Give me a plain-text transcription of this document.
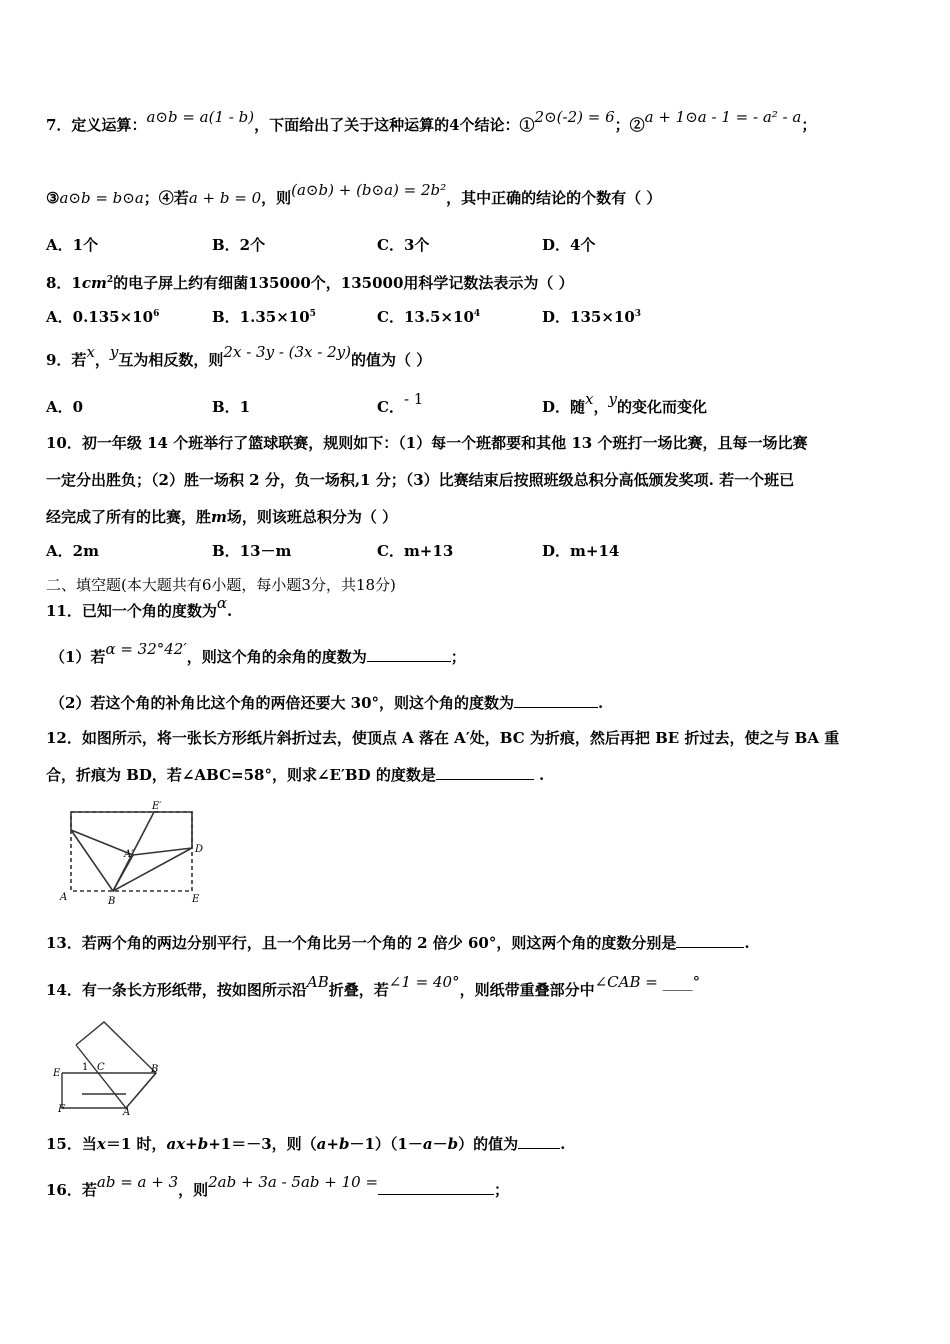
7．定义运算：a⊙b = a(1 - b)，下面给出了关于这种运算的4个结论：①2⊙(-2) = 6；②a + 1⊙a - 1 = - a² - a；
③a⊙b = b⊙a；④若a + b = 0，则(a⊙b) + (b⊙a) = 2b²，其中正确的结论的个数有（ ）
A．1个	B．2个	C．3个	D．4个
8．$1cm^2$的电子屏上约有细菌135000个，135000用科学记数法表示为（ ）
A．$0.135\times 10^6$	B．$1.35\times 10^5$	C．$13.5\times 10^4$	D．$135\times 10^3$
9．若x，y互为相反数，则2x - 3y - (3x - 2y)的值为（ ）
A．0	B．1	C．- 1	D．随x，y的变化而变化
10．初一年级 14 个班举行了篮球联赛，规则如下：（1）每一个班都要和其他 13 个班打一场比赛，且每一场比赛
一定分出胜负；（2）胜一场积 2 分，负一场积,1 分；（3）比赛结束后按照班级总积分高低颁发奖项. 若一个班已
经完成了所有的比赛，胜m场，则该班总积分为（ ）
A．2m	B．13－m	C．m+13	D．m+14
二、填空题(本大题共有6小题，每小题3分，共18分)
11．已知一个角的度数为α.
（1）若α = 32°42′，则这个角的余角的度数为	；
（2）若这个角的补角比这个角的两倍还要大 30°，则这个角的度数为	.
12．如图所示，将一张长方形纸片斜折过去，使顶点 A 落在 A′处，BC 为折痕，然后再把 BE 折过去，使之与 BA 重
合，折痕为 BD，若∠ABC=58°，则求∠E′BD 的度数是	.
E′
A′	D
A	B	E
13．若两个角的两边分别平行，且一个角比另一个角的 2 倍少 60°，则这两个角的度数分别是	.
14．有一条长方形纸带，按如图所示沿AB折叠，若∠1 = 40°，则纸带重叠部分中∠CAB = ____°
E
1 C	B
F	A
15．当x＝1 时，ax+b+1＝－3，则（a+b－1）（1－a－b）的值为	.
16．若ab = a + 3，则2ab + 3a - 5ab + 10 =	；
